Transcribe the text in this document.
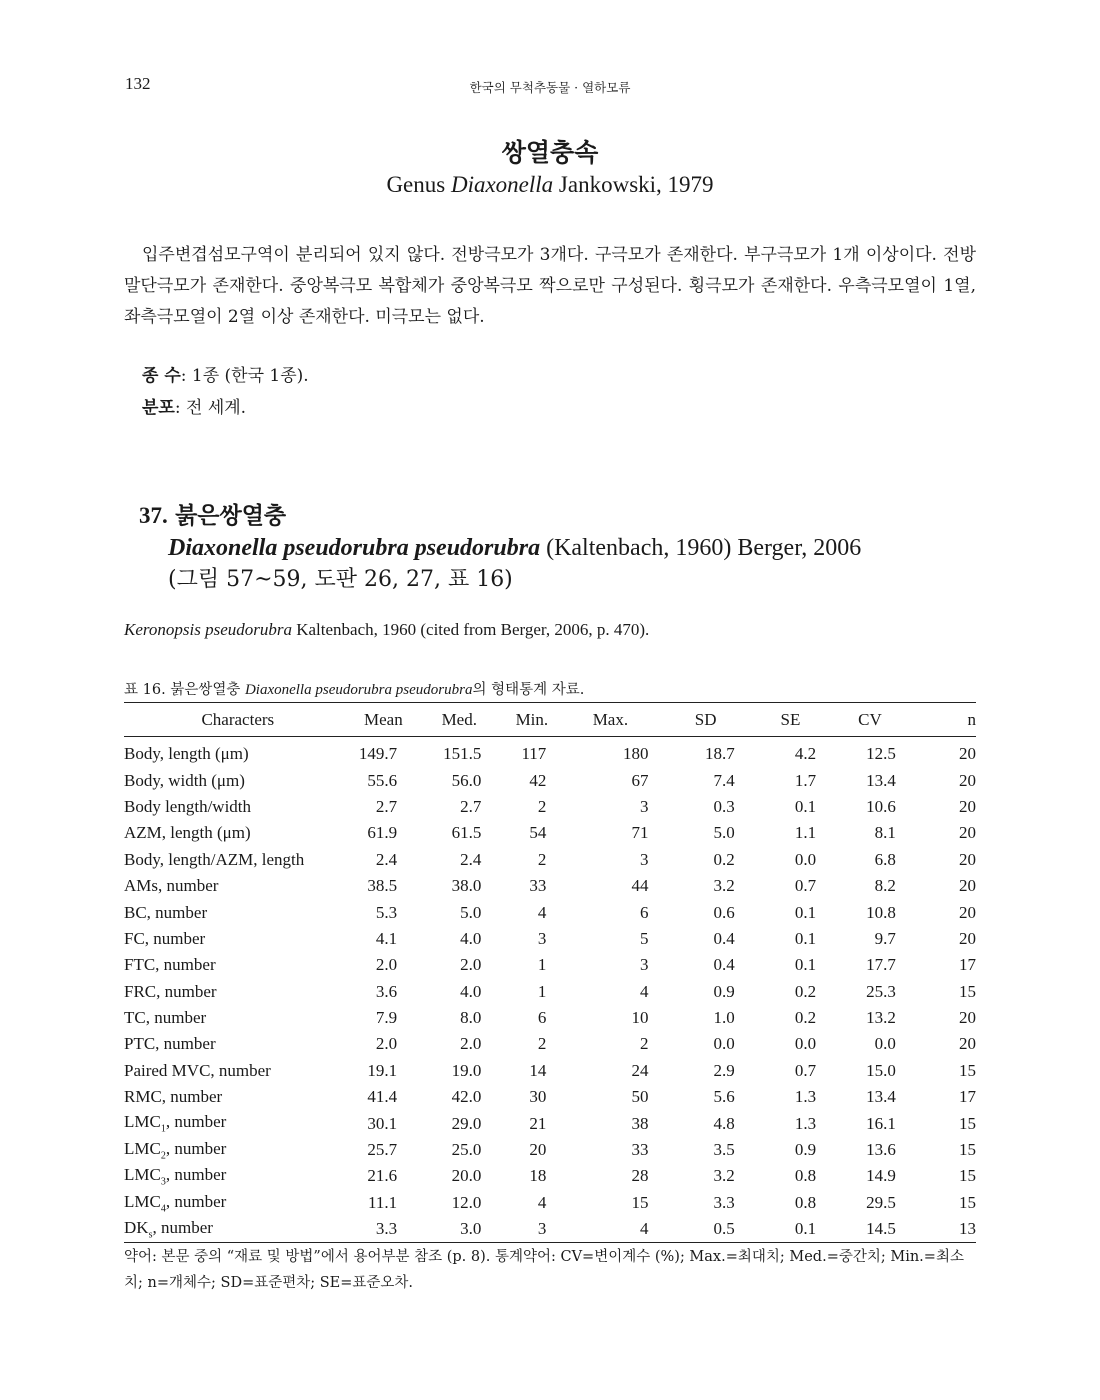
132	한국의 무척추동물 · 열하모류
쌍열충속
Genus Diaxonella Jankowski, 1979
입주변겹섬모구역이 분리되어 있지 않다. 전방극모가 3개다. 구극모가 존재한다. 부구극모가 1개 이상이다. 전방말단극모가 존재한다. 중앙복극모 복합체가 중앙복극모 짝으로만 구성된다. 횡극모가 존재한다. 우측극모열이 1열, 좌측극모열이 2열 이상 존재한다. 미극모는 없다.
종 수: 1종 (한국 1종).
분포: 전 세계.
37. 붉은쌍열충
Diaxonella pseudorubra pseudorubra (Kaltenbach, 1960) Berger, 2006
(그림 57~59, 도판 26, 27, 표 16)
Keronopsis pseudorubra Kaltenbach, 1960 (cited from Berger, 2006, p. 470).
표 16. 붉은쌍열충 Diaxonella pseudorubra pseudorubra의 형태통계 자료.
Characters	Mean	Med.	Min.	Max.	SD	SE	CV	n
Body, length (μm)	149.7	151.5	117	180	18.7	4.2	12.5	20
Body, width (μm)	55.6	56.0	42	67	7.4	1.7	13.4	20
Body length/width	2.7	2.7	2	3	0.3	0.1	10.6	20
AZM, length (μm)	61.9	61.5	54	71	5.0	1.1	8.1	20
Body, length/AZM, length	2.4	2.4	2	3	0.2	0.0	6.8	20
AMs, number	38.5	38.0	33	44	3.2	0.7	8.2	20
BC, number	5.3	5.0	4	6	0.6	0.1	10.8	20
FC, number	4.1	4.0	3	5	0.4	0.1	9.7	20
FTC, number	2.0	2.0	1	3	0.4	0.1	17.7	17
FRC, number	3.6	4.0	1	4	0.9	0.2	25.3	15
TC, number	7.9	8.0	6	10	1.0	0.2	13.2	20
PTC, number	2.0	2.0	2	2	0.0	0.0	0.0	20
Paired MVC, number	19.1	19.0	14	24	2.9	0.7	15.0	15
RMC, number	41.4	42.0	30	50	5.6	1.3	13.4	17
$LMC_1$, number	30.1	29.0	21	38	4.8	1.3	16.1	15
$LMC_2$, number	25.7	25.0	20	33	3.5	0.9	13.6	15
$LMC_3$, number	21.6	20.0	18	28	3.2	0.8	14.9	15
$LMC_4$, number	11.1	12.0	4	15	3.3	0.8	29.5	15
$DK_s$, number	3.3	3.0	3	4	0.5	0.1	14.5	13
약어: 본문 중의 “재료 및 방법”에서 용어부분 참조 (p. 8). 통계약어: CV=변이계수 (%); Max.=최대치; Med.=중간치; Min.=최소치; n=개체수; SD=표준편차; SE=표준오차.
